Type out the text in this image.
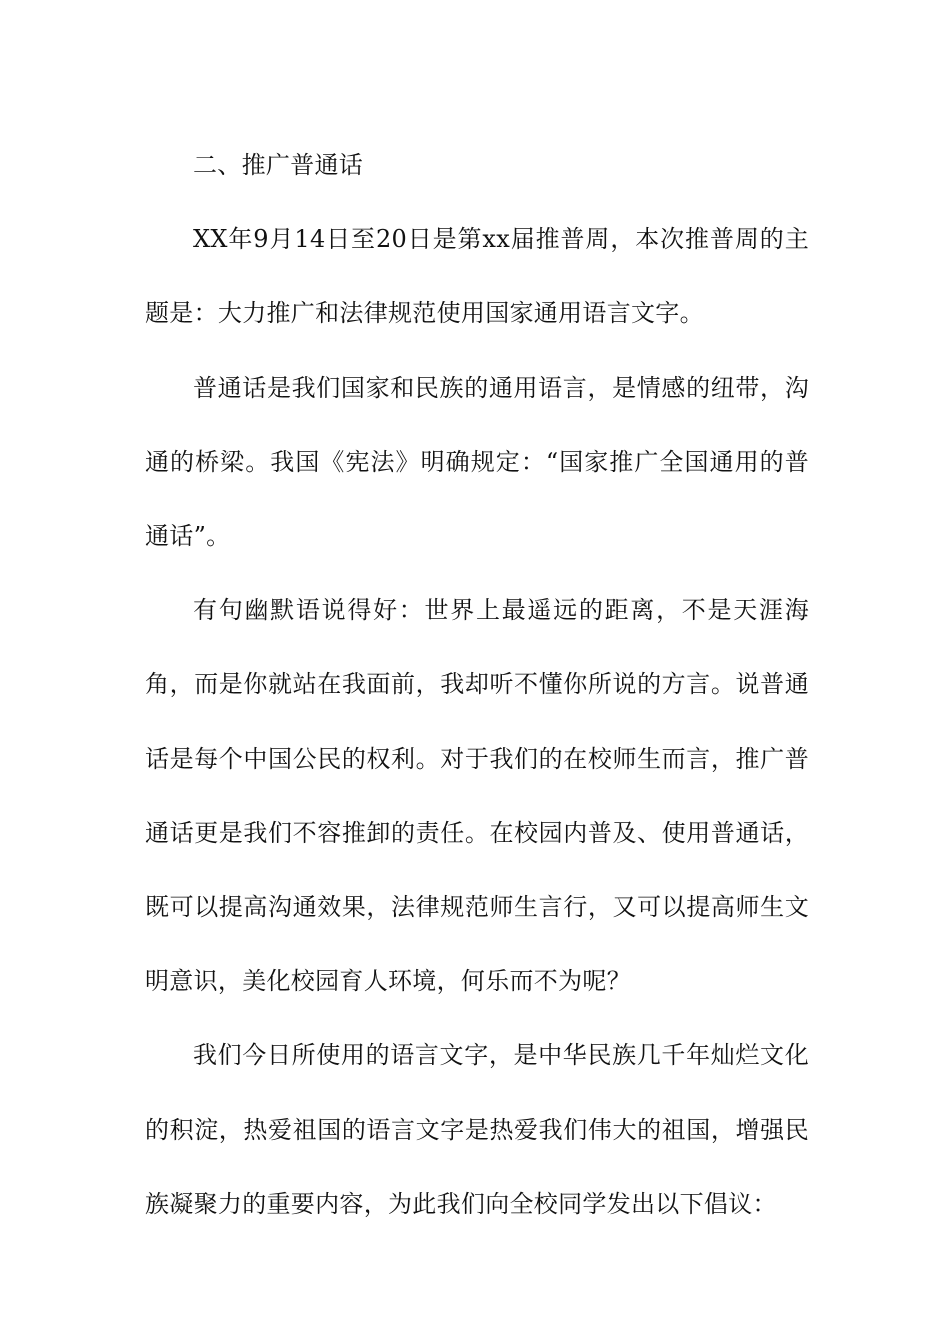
二、推广普通话

XX年9月14日至20日是第xx届推普周，本次推普周的主题是：大力推广和法律规范使用国家通用语言文字。

普通话是我们国家和民族的通用语言，是情感的纽带，沟通的桥梁。我国《宪法》明确规定：“国家推广全国通用的普通话”。

有句幽默语说得好：世界上最遥远的距离，不是天涯海角，而是你就站在我面前，我却听不懂你所说的方言。说普通话是每个中国公民的权利。对于我们的在校师生而言，推广普通话更是我们不容推卸的责任。在校园内普及、使用普通话，既可以提高沟通效果，法律规范师生言行，又可以提高师生文明意识，美化校园育人环境，何乐而不为呢？

我们今日所使用的语言文字，是中华民族几千年灿烂文化的积淀，热爱祖国的语言文字是热爱我们伟大的祖国，增强民族凝聚力的重要内容，为此我们向全校同学发出以下倡议：
